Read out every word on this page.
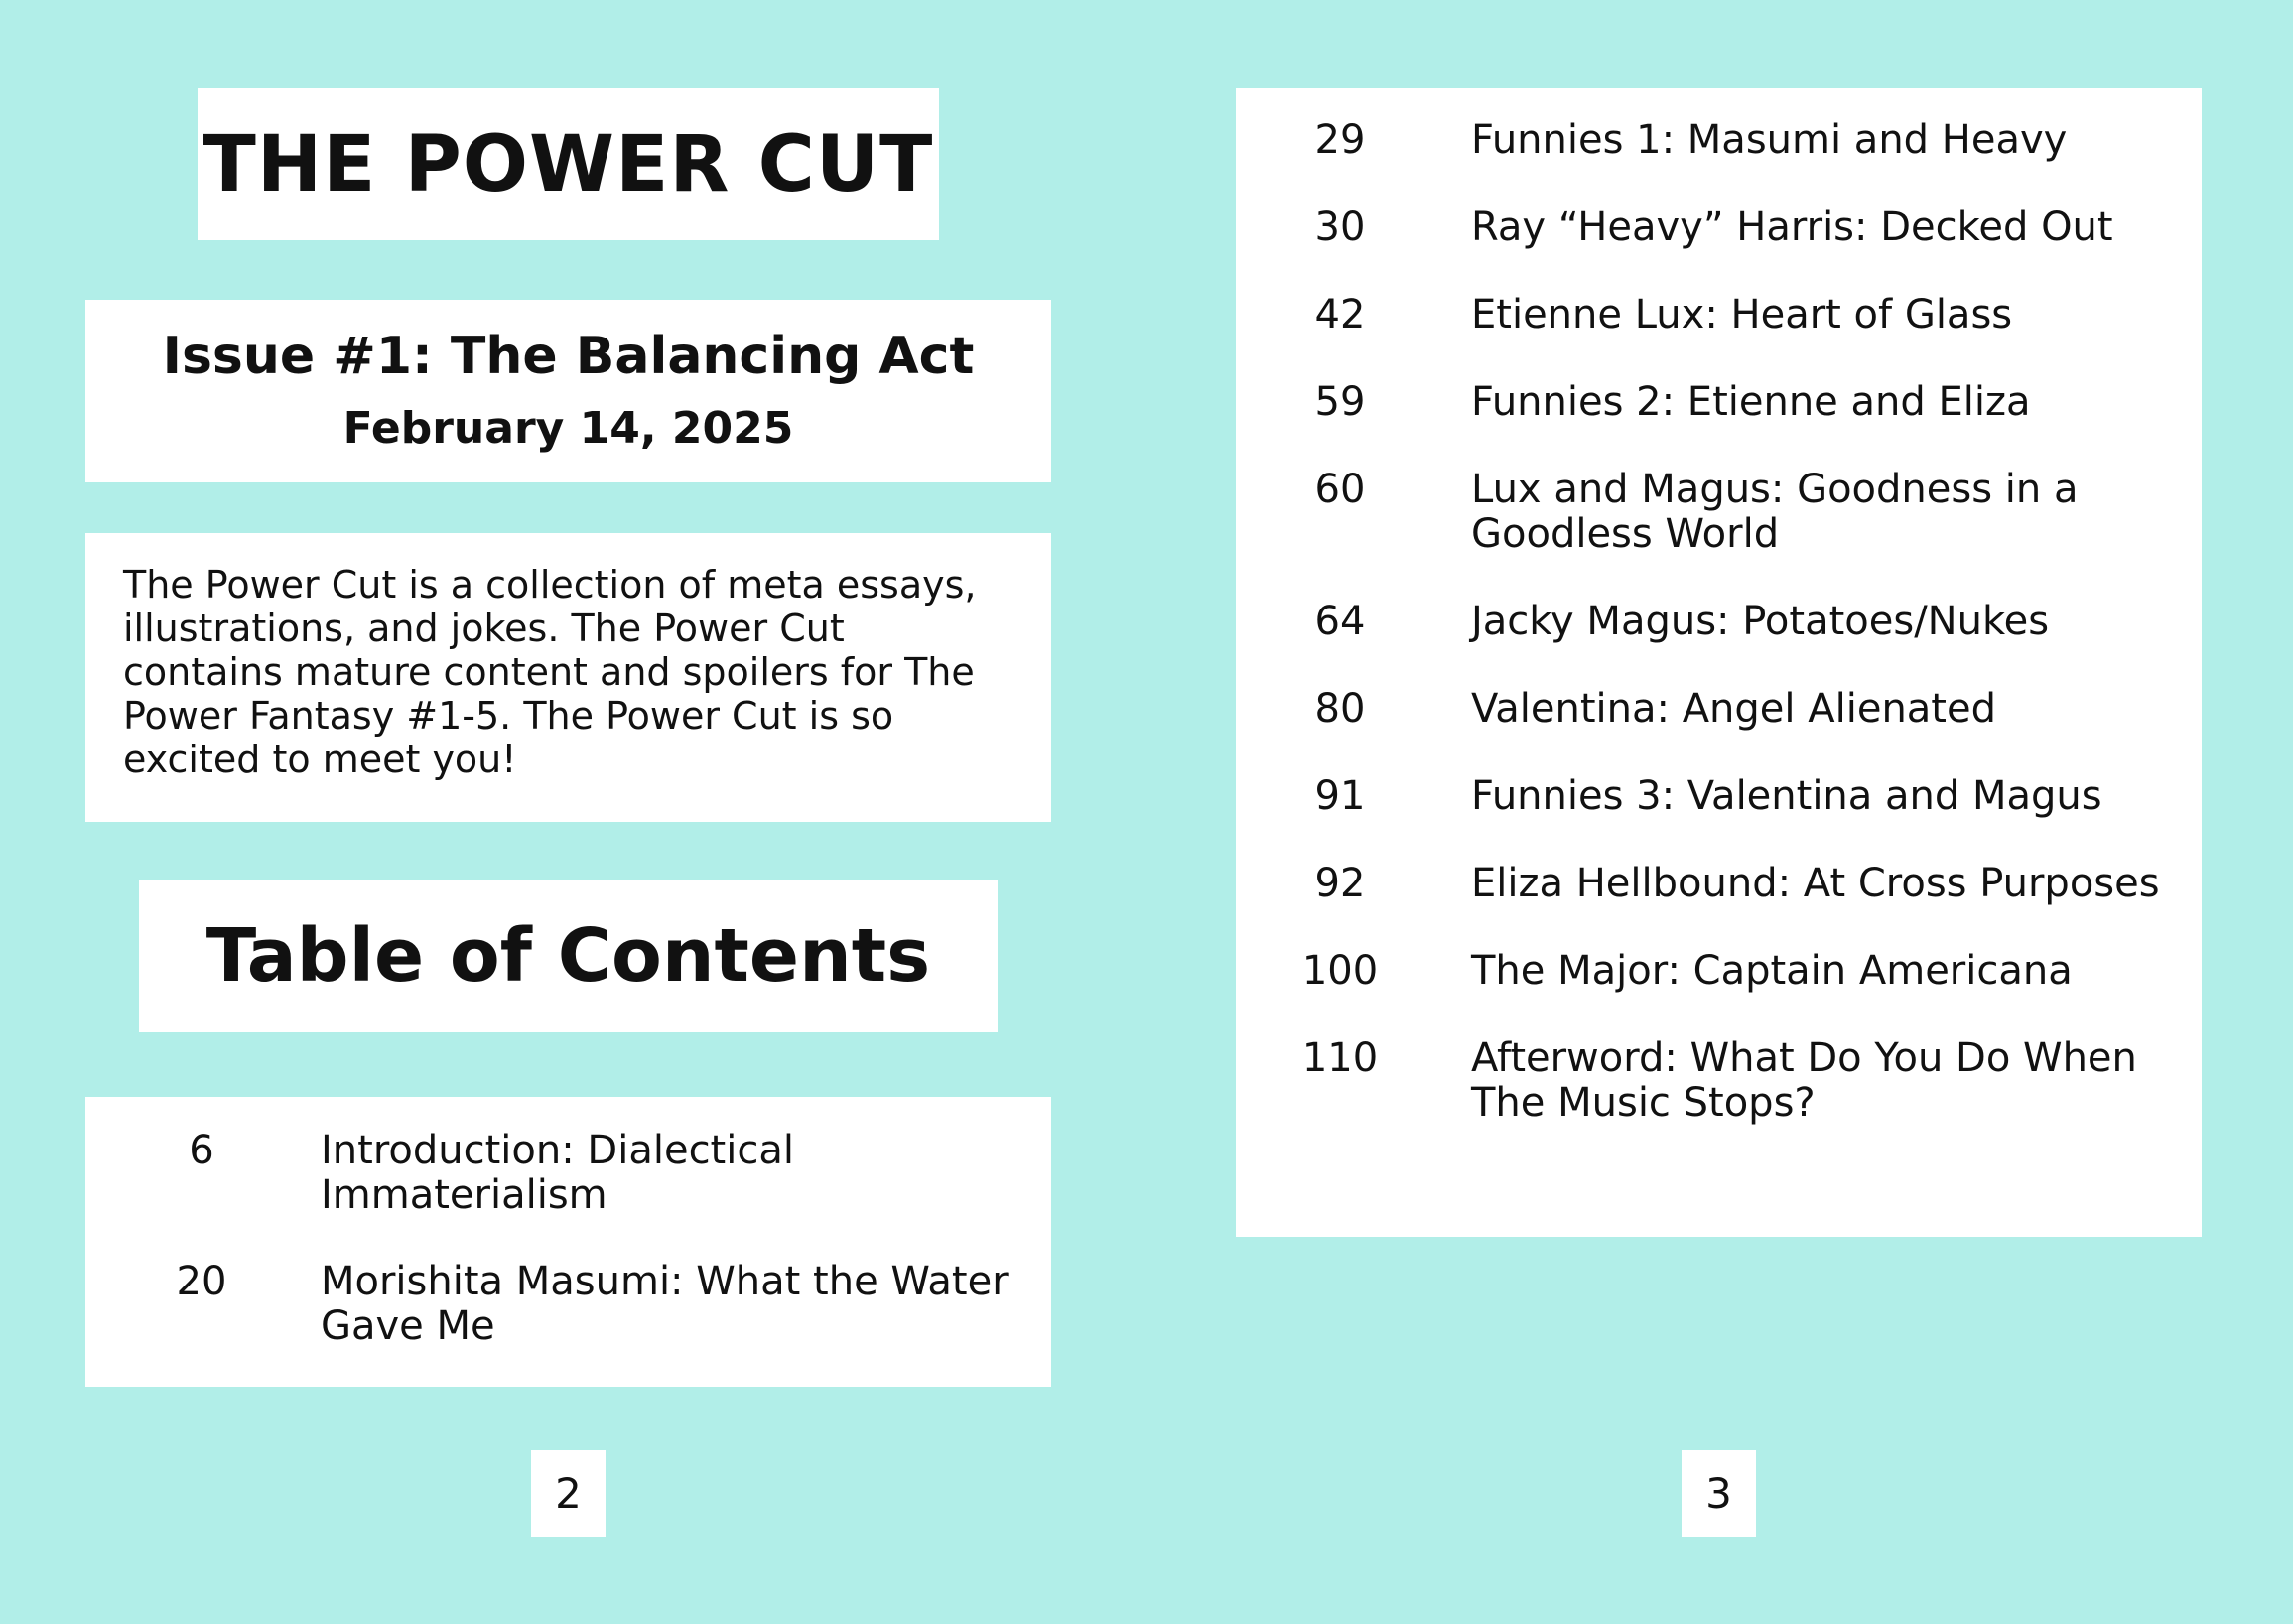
THE POWER CUT
Issue #1: The Balancing Act
February 14, 2025

The Power Cut is a collection of meta essays, illustrations, and jokes. The Power Cut contains mature content and spoilers for The Power Fantasy #1-5. The Power Cut is so excited to meet you!

Table of Contents
6	Introduction: Dialectical Immaterialism
20	Morishita Masumi: What the Water Gave Me
2
29	Funnies 1: Masumi and Heavy
30	Ray “Heavy” Harris: Decked Out
42	Etienne Lux: Heart of Glass
59	Funnies 2: Etienne and Eliza
60	Lux and Magus: Goodness in a Goodless World
64	Jacky Magus: Potatoes/Nukes
80	Valentina: Angel Alienated
91	Funnies 3: Valentina and Magus
92	Eliza Hellbound: At Cross Purposes
100	The Major: Captain Americana
110	Afterword: What Do You Do When The Music Stops?
3
